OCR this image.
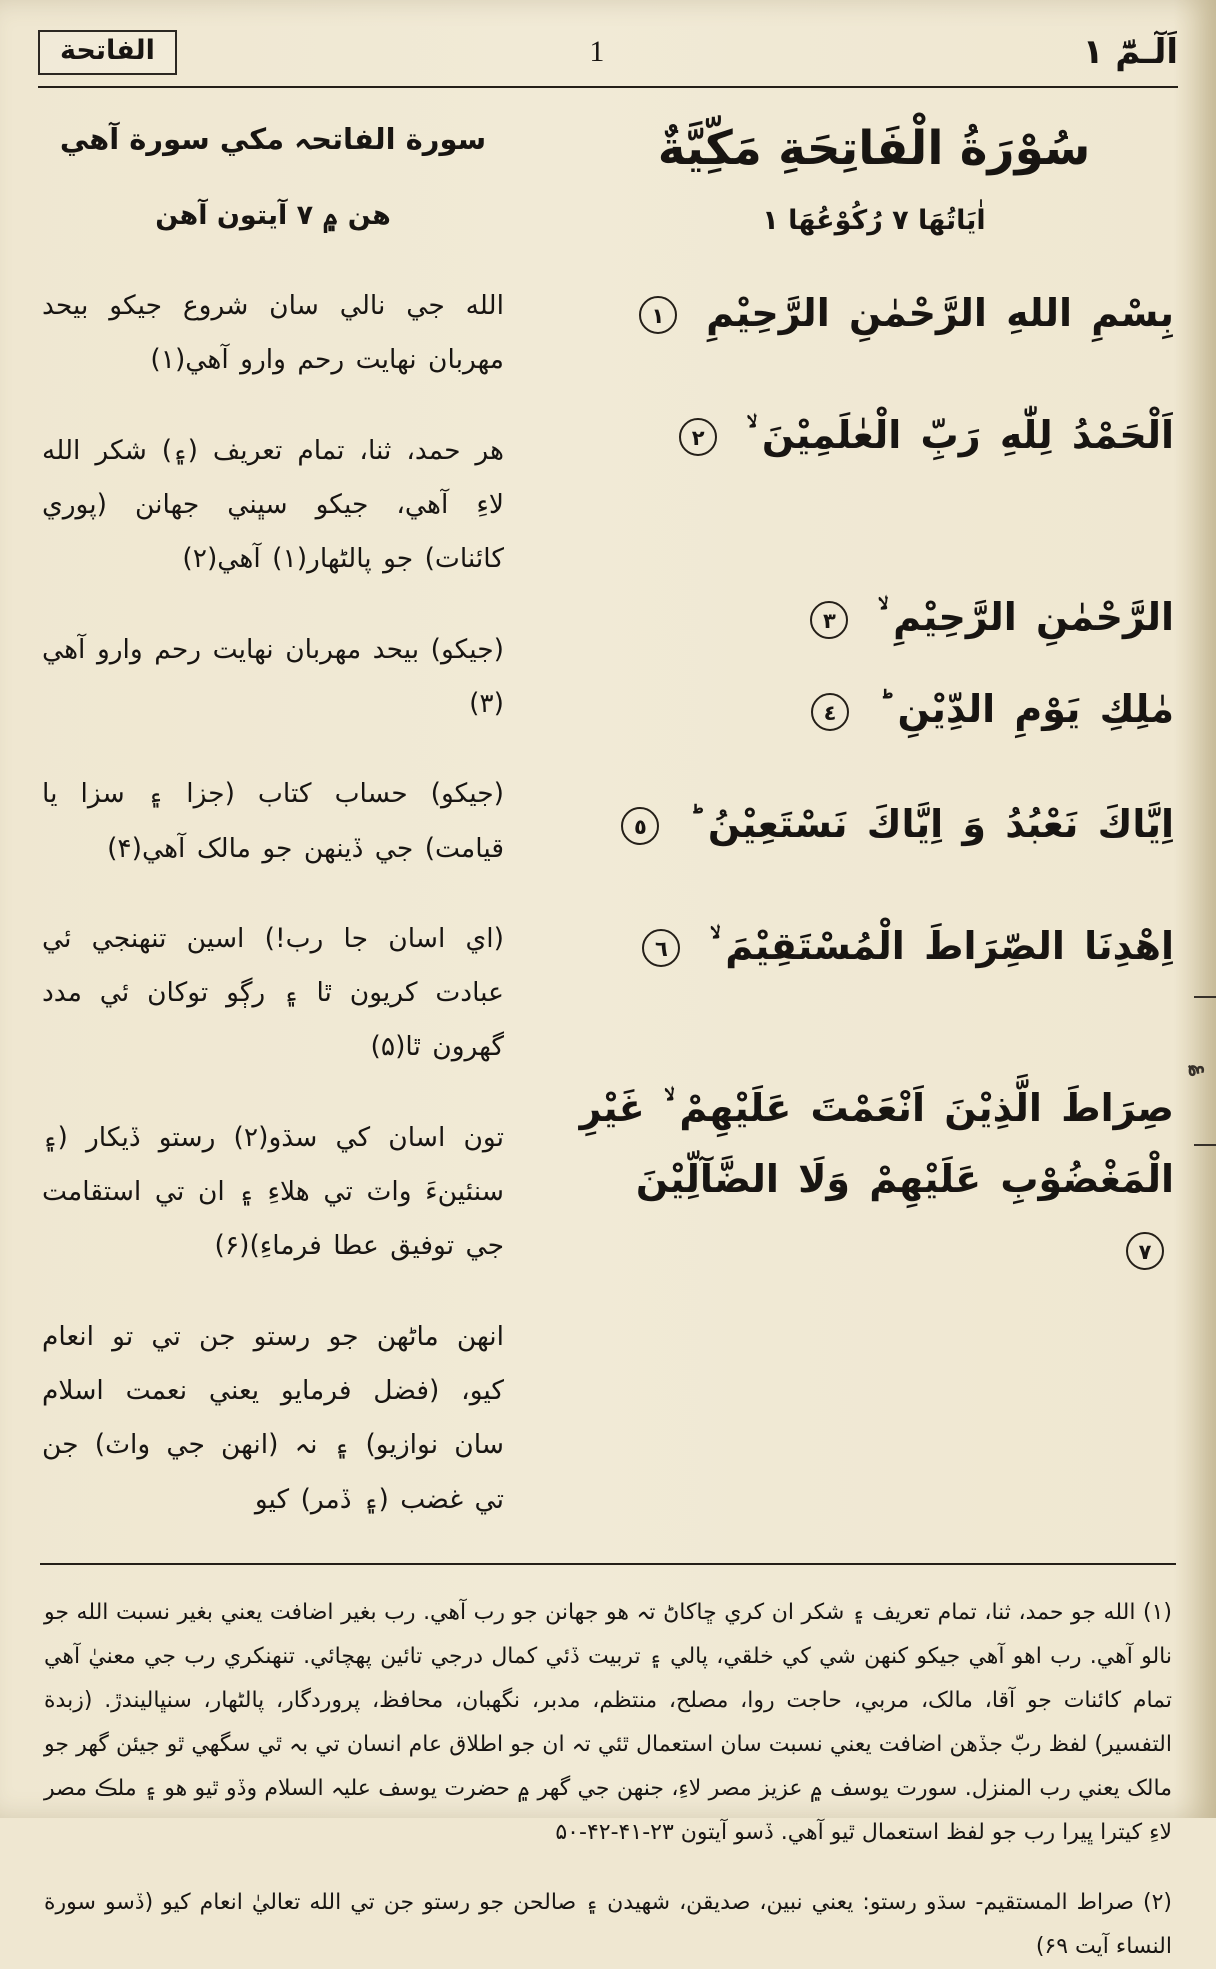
الفاتحة	1	اَلٓـمّٓ ١
سورة الفاتحہ مکي سورة آهي
هن ۾ ۷ آيتون آهن

الله جي نالي سان شروع جيکو بيحد مهربان نهايت رحم وارو آهي(۱)

هر حمد، ثنا، تمام تعريف (۽) شکر الله لاءِ آهي، جيکو سڀني جهانن (پوري کائنات) جو پالڻهار(۱) آهي(۲)

(جيکو) بيحد مهربان نهايت رحم وارو آهي (۳)

(جيکو) حساب کتاب (جزا ۽ سزا يا قيامت) جي ڏينهن جو مالک آهي(۴)

(اي اسان جا رب!) اسين تنهنجي ئي عبادت کريون ٿا ۽ رڳو توکان ئي مدد گهرون ٿا(۵)

تون اسان کي سڌو(۲) رستو ڏيکار (۽ سنئينءَ واٽ تي هلاءِ ۽ ان تي استقامت جي توفيق عطا فرماءِ)(۶)

انهن ماڻهن جو رستو جن تي تو انعام کيو، (فضل فرمايو يعني نعمت اسلام سان نوازيو) ۽ نہ (انهن جي واٽ) جن تي غضب (۽ ڏمر) کيو

سُوْرَةُ الْفَاتِحَةِ مَكِّيَّةٌ
اٰيَاتُهَا ۷ رُكُوْعُهَا ١
بِسْمِ اللهِ الرَّحْمٰنِ الرَّحِيْمِ ١
اَلْحَمْدُ لِلّٰهِ رَبِّ الْعٰلَمِيْنَ ۙ ٢
الرَّحْمٰنِ الرَّحِيْمِ ۙ ٣
مٰلِكِ يَوْمِ الدِّيْنِ ؕ ٤
اِيَّاكَ نَعْبُدُ وَ اِيَّاكَ نَسْتَعِيْنُ ؕ ٥
اِهْدِنَا الصِّرَاطَ الْمُسْتَقِيْمَ ۙ ٦
صِرَاطَ الَّذِيْنَ اَنْعَمْتَ عَلَيْهِمْ ۙ غَيْرِ الْمَغْضُوْبِ عَلَيْهِمْ وَلَا الضَّآلِّيْنَ ٧
؏

(۱) الله جو حمد، ثنا، تمام تعريف ۽ شکر ان کري ڇاکاڻ تہ هو جهانن جو رب آهي. رب بغير اضافت يعني بغير نسبت الله جو نالو آهي. رب اهو آهي جيکو کنهن شي کي خلقي، پالي ۽ تربيت ڏئي کمال درجي تائين پهچائي. تنهنکري رب جي معنيٰ آهي تمام کائنات جو آقا، مالک، مربي، حاجت روا، مصلح، منتظم، مدبر، نگهبان، محافظ، پروردگار، پالڻهار، سنڀاليندڙ. (زبدة التفسير) لفظ ربّ جڏهن اضافت يعني نسبت سان استعمال ٿئي تہ ان جو اطلاق عام انسان تي بہ ٿي سگهي ٿو جيئن گهر جو مالک يعني رب المنزل. سورت يوسف ۾ عزيز مصر لاءِ، جنهن جي گهر ۾ حضرت يوسف عليہ السلام وڏو ٿيو هو ۽ ملڪ مصر لاءِ کيترا ڀيرا رب جو لفظ استعمال ٿيو آهي. ڏسو آيتون ۲۳-۴۱-۴۲-۵۰

(۲) صراط المستقيم- سڌو رستو: يعني نبين، صديقن، شهيدن ۽ صالحن جو رستو جن تي الله تعاليٰ انعام کيو (ڏسو سورة النساء آيت ۶۹)
